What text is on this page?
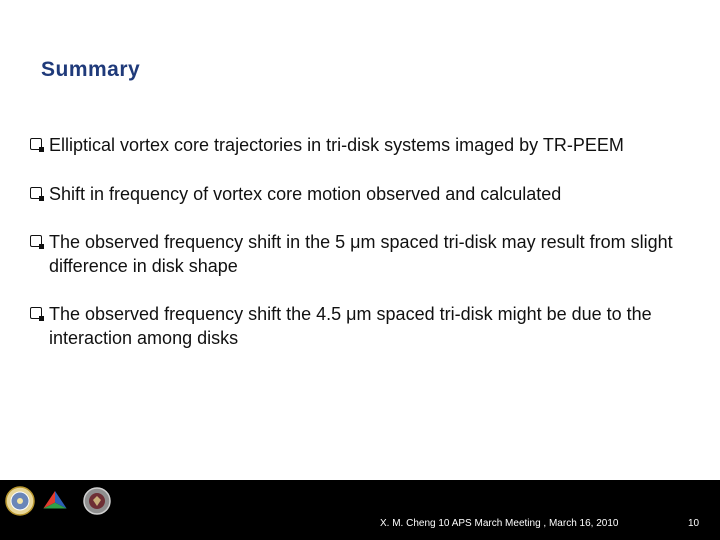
Summary
Elliptical vortex core trajectories in tri-disk systems imaged by TR-PEEM
Shift in frequency of vortex core motion observed and calculated
The observed frequency shift in the 5 μm spaced tri-disk may result from slight difference in disk shape
The observed frequency shift the 4.5 μm spaced tri-disk might be due to the interaction among disks
X. M. Cheng 10 APS March Meeting , March 16, 2010	10
